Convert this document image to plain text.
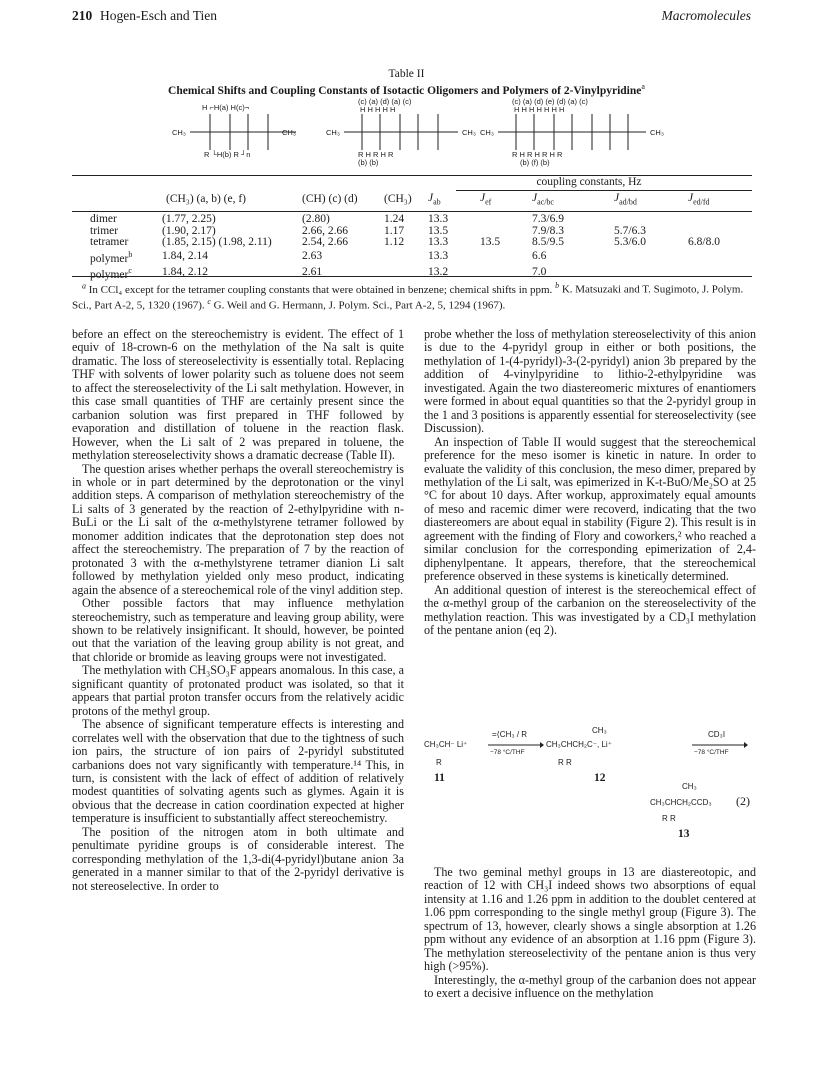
210 Hogen-Esch and Tien	Macromolecules
Table II
Chemical Shifts and Coupling Constants of Isotactic Oligomers and Polymers of 2-Vinylpyridine$^a$
H ⌐H(a) H(c)¬
CH₃	CH₃
R └H(b) R ┘n
(c) (a) (d) (a) (c)
H H H H H
CH₃	CH₃
R H R H R
(b) (b)
(c) (a) (d) (e) (d) (a) (c)
H H H H H H H
CH₃	CH₃
R H R H R H R
(b) (f) (b)
				coupling constants, Hz				
	(CH₃) (a, b) (e, f)	(CH) (c) (d)	(CH₃)	$J_{ab}$	$J_{ef}$	$J_{ac/bc}$	$J_{ad/bd}$	$J_{ed/fd}$

dimer	(1.77, 2.25)	(2.80)	1.24	13.3		7.3/6.9		
trimer	(1.90, 2.17)	2.66, 2.66	1.17	13.5		7.9/8.3	5.7/6.3	
tetramer	(1.85, 2.15) (1.98, 2.11)	2.54, 2.66	1.12	13.3	13.5	8.5/9.5	5.3/6.0	6.8/8.0
polymer$^b$	1.84, 2.14	2.63		13.3		6.6		
polymer$^c$	1.84, 2.12	2.61		13.2		7.0		
$^a$ In CCl₄ except for the tetramer coupling constants that were obtained in benzene; chemical shifts in ppm. $^b$ K. Matsuzaki and T. Sugimoto, J. Polym. Sci., Part A-2, 5, 1320 (1967). $^c$ G. Weil and G. Hermann, J. Polym. Sci., Part A-2, 5, 1294 (1967).

before an effect on the stereochemistry is evident. The effect of 1 equiv of 18-crown-6 on the methylation of the Na salt is quite dramatic. The loss of stereoselectivity is essentially total. Replacing THF with solvents of lower polarity such as toluene does not seem to affect the stereoselectivity of the Li salt methylation. However, in this case small quantities of THF are certainly present since the carbanion solution was first prepared in THF followed by evaporation and distillation of toluene in the reaction flask. However, when the Li salt of 2 was prepared in toluene, the methylation stereoselectivity shows a dramatic decrease (Table II).

The question arises whether perhaps the overall stereochemistry is in whole or in part determined by the deprotonation or the vinyl addition steps. A comparison of methylation stereochemistry of the Li salts of 3 generated by the reaction of 2-ethylpyridine with n-BuLi or the Li salt of the α-methylstyrene tetramer followed by monomer addition indicates that the deprotonation step does not affect the stereochemistry. The preparation of 7 by the reaction of protonated 3 with the α-methylstyrene tetramer dianion Li salt followed by methylation yielded only meso product, indicating again the absence of a stereochemical role of the vinyl addition step.

Other possible factors that may influence methylation stereochemistry, such as temperature and leaving group ability, were shown to be relatively insignificant. It should, however, be pointed out that the variation of the leaving group ability is not great, and that chloride or bromide as leaving groups were not investigated.

The methylation with CH₃SO₃F appears anomalous. In this case, a significant quantity of protonated product was isolated, so that it appears that partial proton transfer occurs from the relatively acidic protons of the methyl group.

The absence of significant temperature effects is interesting and correlates well with the observation that due to the tightness of such ion pairs, the structure of ion pairs of 2-pyridyl substituted carbanions does not vary significantly with temperature.¹⁴ This, in turn, is consistent with the lack of effect of addition of relatively modest quantities of solvating agents such as glymes. Again it is obvious that the decrease in cation coordination expected at higher temperature is insufficient to substantially affect stereochemistry.

The position of the nitrogen atom in both ultimate and penultimate pyridine groups is of considerable interest. The corresponding methylation of the 1,3-di(4-pyridyl)butane anion 3a generated in a manner similar to that of the 2-pyridyl derivative is not stereoselective. In order to

probe whether the loss of methylation stereoselectivity of this anion is due to the 4-pyridyl group in either or both positions, the methylation of 1-(4-pyridyl)-3-(2-pyridyl) anion 3b prepared by the addition of 4-vinylpyridine to lithio-2-ethylpyridine was investigated. Again the two diastereomeric mixtures of enantiomers were formed in about equal quantities so that the 2-pyridyl group in the 1 and 3 positions is apparently essential for stereoselectivity (see Discussion).

An inspection of Table II would suggest that the stereochemical preference for the meso isomer is kinetic in nature. In order to evaluate the validity of this conclusion, the meso dimer, prepared by methylation of the Li salt, was epimerized in K-t-BuO/Me₂SO at 25 °C for about 10 days. After workup, approximately equal amounts of meso and racemic dimer were recoverd, indicating that the two diastereomers are about equal in stability (Figure 2). This result is in agreement with the finding of Flory and coworkers,² who reached a similar conclusion for the corresponding epimerization of 2,4-diphenylpentane. It appears, therefore, that the stereochemical preference observed in these systems is kinetically determined.

An additional question of interest is the stereochemical effect of the α-methyl group of the carbanion on the stereoselectivity of the methylation reaction. This was investigated by a CD₃I methylation of the pentane anion (eq 2).

CH₃CH⁻ Li⁺
R
11
=⟨CH₃ / R
−78 °C/THF
CH₃
CH₃CHCH₂C⁻, Li⁺
R R
12
CD₃I
−78 °C/THF
CH₃
CH₃CHCH₂CCD₃ (2)
R R
13

The two geminal methyl groups in 13 are diastereotopic, and reaction of 12 with CH₃I indeed shows two absorptions of equal intensity at 1.16 and 1.26 ppm in addition to the doublet centered at 1.06 ppm corresponding to the single methyl group (Figure 3). The spectrum of 13, however, clearly shows a single absorption at 1.26 ppm without any evidence of an absorption at 1.16 ppm (Figure 3). The methylation stereoselectivity of the pentane anion is thus very high (>95%).

Interestingly, the α-methyl group of the carbanion does not appear to exert a decisive influence on the methylation
